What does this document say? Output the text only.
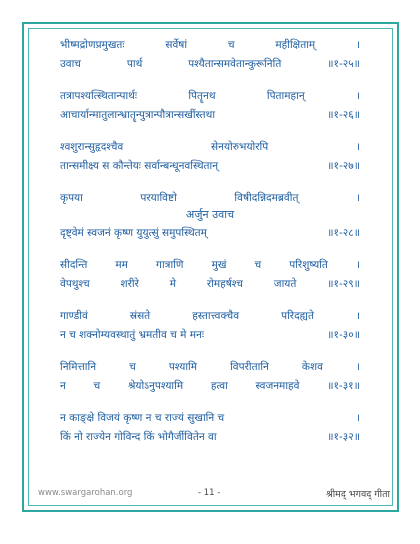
भीष्मद्रोणप्रमुखतः	सर्वेषां	च	महीक्षिताम्	।
उवाच	पार्थ	पश्यैतान्समवेतान्कुरूनिति	॥१-२५॥
तत्रापश्यत्स्थितान्पार्थः	पितॄनथ	पितामहान्	।
आचार्यान्मातुलान्भ्रातॄन्पुत्रान्पौत्रान्सखींस्तथा	॥१-२६॥
श्वशुरान्सुहृदश्चैव	सेनयोरुभयोरपि	।
तान्समीक्ष्य स कौन्तेयः सर्वान्बन्धूनवस्थितान्	॥१-२७॥
कृपया	परयाविष्टो	विषीदन्निदमब्रवीत्	।
अर्जुन उवाच
दृष्ट्वेमं स्वजनं कृष्ण युयुत्सुं समुपस्थितम्	॥१-२८॥
सीदन्ति	मम	गात्राणि	मुखं	च	परिशुष्यति	।
वेपथुश्च	शरीरे	मे	रोमहर्षश्च	जायते	॥१-२९॥
गाण्डीवं	स्रंसते	हस्तात्त्वक्चैव	परिदह्यते	।
न च शक्नोम्यवस्थातुं भ्रमतीव च मे मनः	॥१-३०॥
निमित्तानि	च	पश्यामि	विपरीतानि	केशव	।
न	च	श्रेयोऽनुपश्यामि	हत्वा	स्वजनमाहवे	॥१-३१॥
न काङ्क्षे विजयं कृष्ण न च राज्यं सुखानि च	।
किं नो राज्येन गोविन्द किं भोगैर्जीवितेन वा	॥१-३२॥
www.swargarohan.org	- 11 -	श्रीमद् भगवद् गीता
